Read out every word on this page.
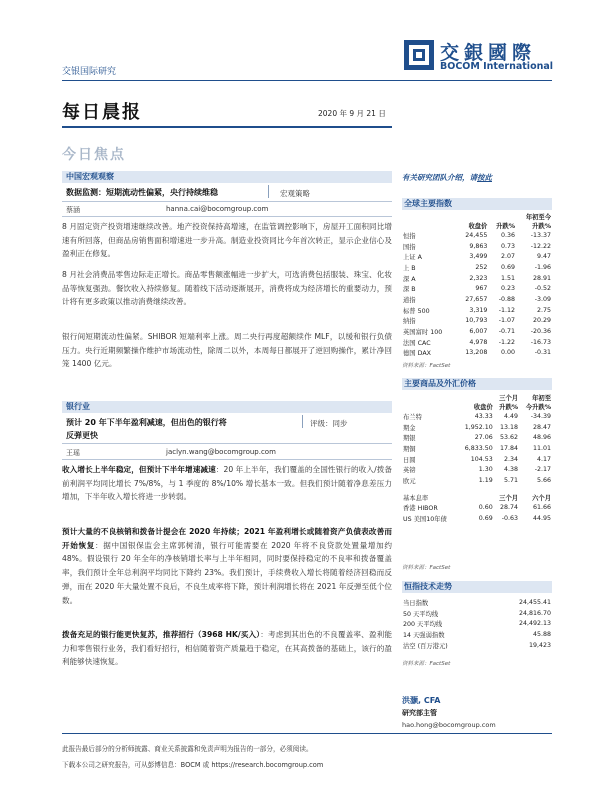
交銀國際
BOCOM International
交银国际研究
每日晨报	2020 年 9 月 21 日
今日焦点
中国宏观观察
数据监测：短期流动性偏紧，央行持续维稳	宏观策略
蔡涵	hanna.cai@bocomgroup.com
8 月固定资产投资增速继续改善。地产投资保持高增速，在监管调控影响下，房屋开工面积同比增速有所回落，但商品房销售面积增速进一步升高。制造业投资同比今年首次转正，显示企业信心及盈利正在修复。
8 月社会消费品零售边际走正增长。商品零售额涨幅进一步扩大，可选消费包括服装、珠宝、化妆品等恢复强劲。餐饮收入持续修复。随着线下活动逐渐展开，消费将成为经济增长的重要动力，预计将有更多政策以推动消费继续改善。
银行间短期流动性偏紧。SHIBOR 短端利率上涨。周二央行再度超额续作 MLF，以缓和银行负债压力。央行近期频繁操作维护市场流动性，除周二以外，本周每日都展开了逆回购操作，累计净回笼 1400 亿元。
银行业
预计 20 年下半年盈利减速，但出色的银行将
反弹更快
评级：同步
王瑶	jaclyn.wang@bocomgroup.com
收入增长上半年稳定，但预计下半年增速减速：20 年上半年，我们覆盖的全国性银行的收入/拨备前利润平均同比增长 7%/8%，与 1 季度的 8%/10% 增长基本一致。但我们预计随着净息差压力增加，下半年收入增长将进一步转弱。
预计大量的不良核销和拨备计提会在 2020 年持续；2021 年盈利增长或随着资产负债表改善而开始恢复：据中国银保监会主席郭树清，银行可能需要在 2020 年将不良贷款处置量增加约 48%。假设银行 20 年全年的净核销增长率与上半年相同，同时要保持稳定的不良率和拨备覆盖率，我们预计全年总利润平均同比下降约 23%。我们预计，手续费收入增长将随着经济回稳而反弹，而在 2020 年大量处置不良后，不良生成率将下降，预计利润增长将在 2021 年反弹至低个位数。
拨备充足的银行能更快复苏，推荐招行（3968 HK/买入）：考虑到其出色的不良覆盖率、盈利能力和零售银行业务，我们看好招行，相信随着资产质量趋于稳定，在其高拨备的基础上，该行的盈利能够快速恢复。
有关研究团队介绍，请按此
全球主要指数
	收盘价	升跌%	年初至今
升跌%
恒指	24,455	0.36	-13.37
国指	9,863	0.73	-12.22
上证 A	3,499	2.07	9.47
上 B	252	0.69	-1.96
深 A	2,323	1.51	28.91
深 B	967	0.23	-0.52
道指	27,657	-0.88	-3.09
标普 500	3,319	-1.12	2.75
纳指	10,793	-1.07	20.29
英国富时 100	6,007	-0.71	-20.36
法国 CAC	4,978	-1.22	-16.73
德国 DAX	13,208	0.00	-0.31
资料来源：FactSet
主要商品及外汇价格
	收盘价	三个月
升跌%	年初至
今升跌%
布兰特	43.33	4.49	-34.39
期金	1,952.10	13.18	28.47
期银	27.06	53.62	48.96
期铜	6,833.50	17.84	11.01
日圆	104.53	2.34	4.17
英镑	1.30	4.38	-2.17
欧元	1.19	5.71	5.66

基本息率		三个月	六个月
香港 HIBOR	0.60	28.74	61.66
US 美国10年债	0.69	-0.63	44.95
资料来源：FactSet
恒指技术走势
当日指数	24,455.41
50 天平均线	24,816.70
200 天平均线	24,492.13
14 天强弱指数	45.88
沽空 (百万港元)	19,423
资料来源：FactSet
洪灏, CFA
研究部主管
hao.hong@bocomgroup.com
此报告最后部分的分析师披露、商业关系披露和免责声明为报告的一部分，必须阅读。
下载本公司之研究报告，可从彭博信息：BOCM 或 https://research.bocomgroup.com
